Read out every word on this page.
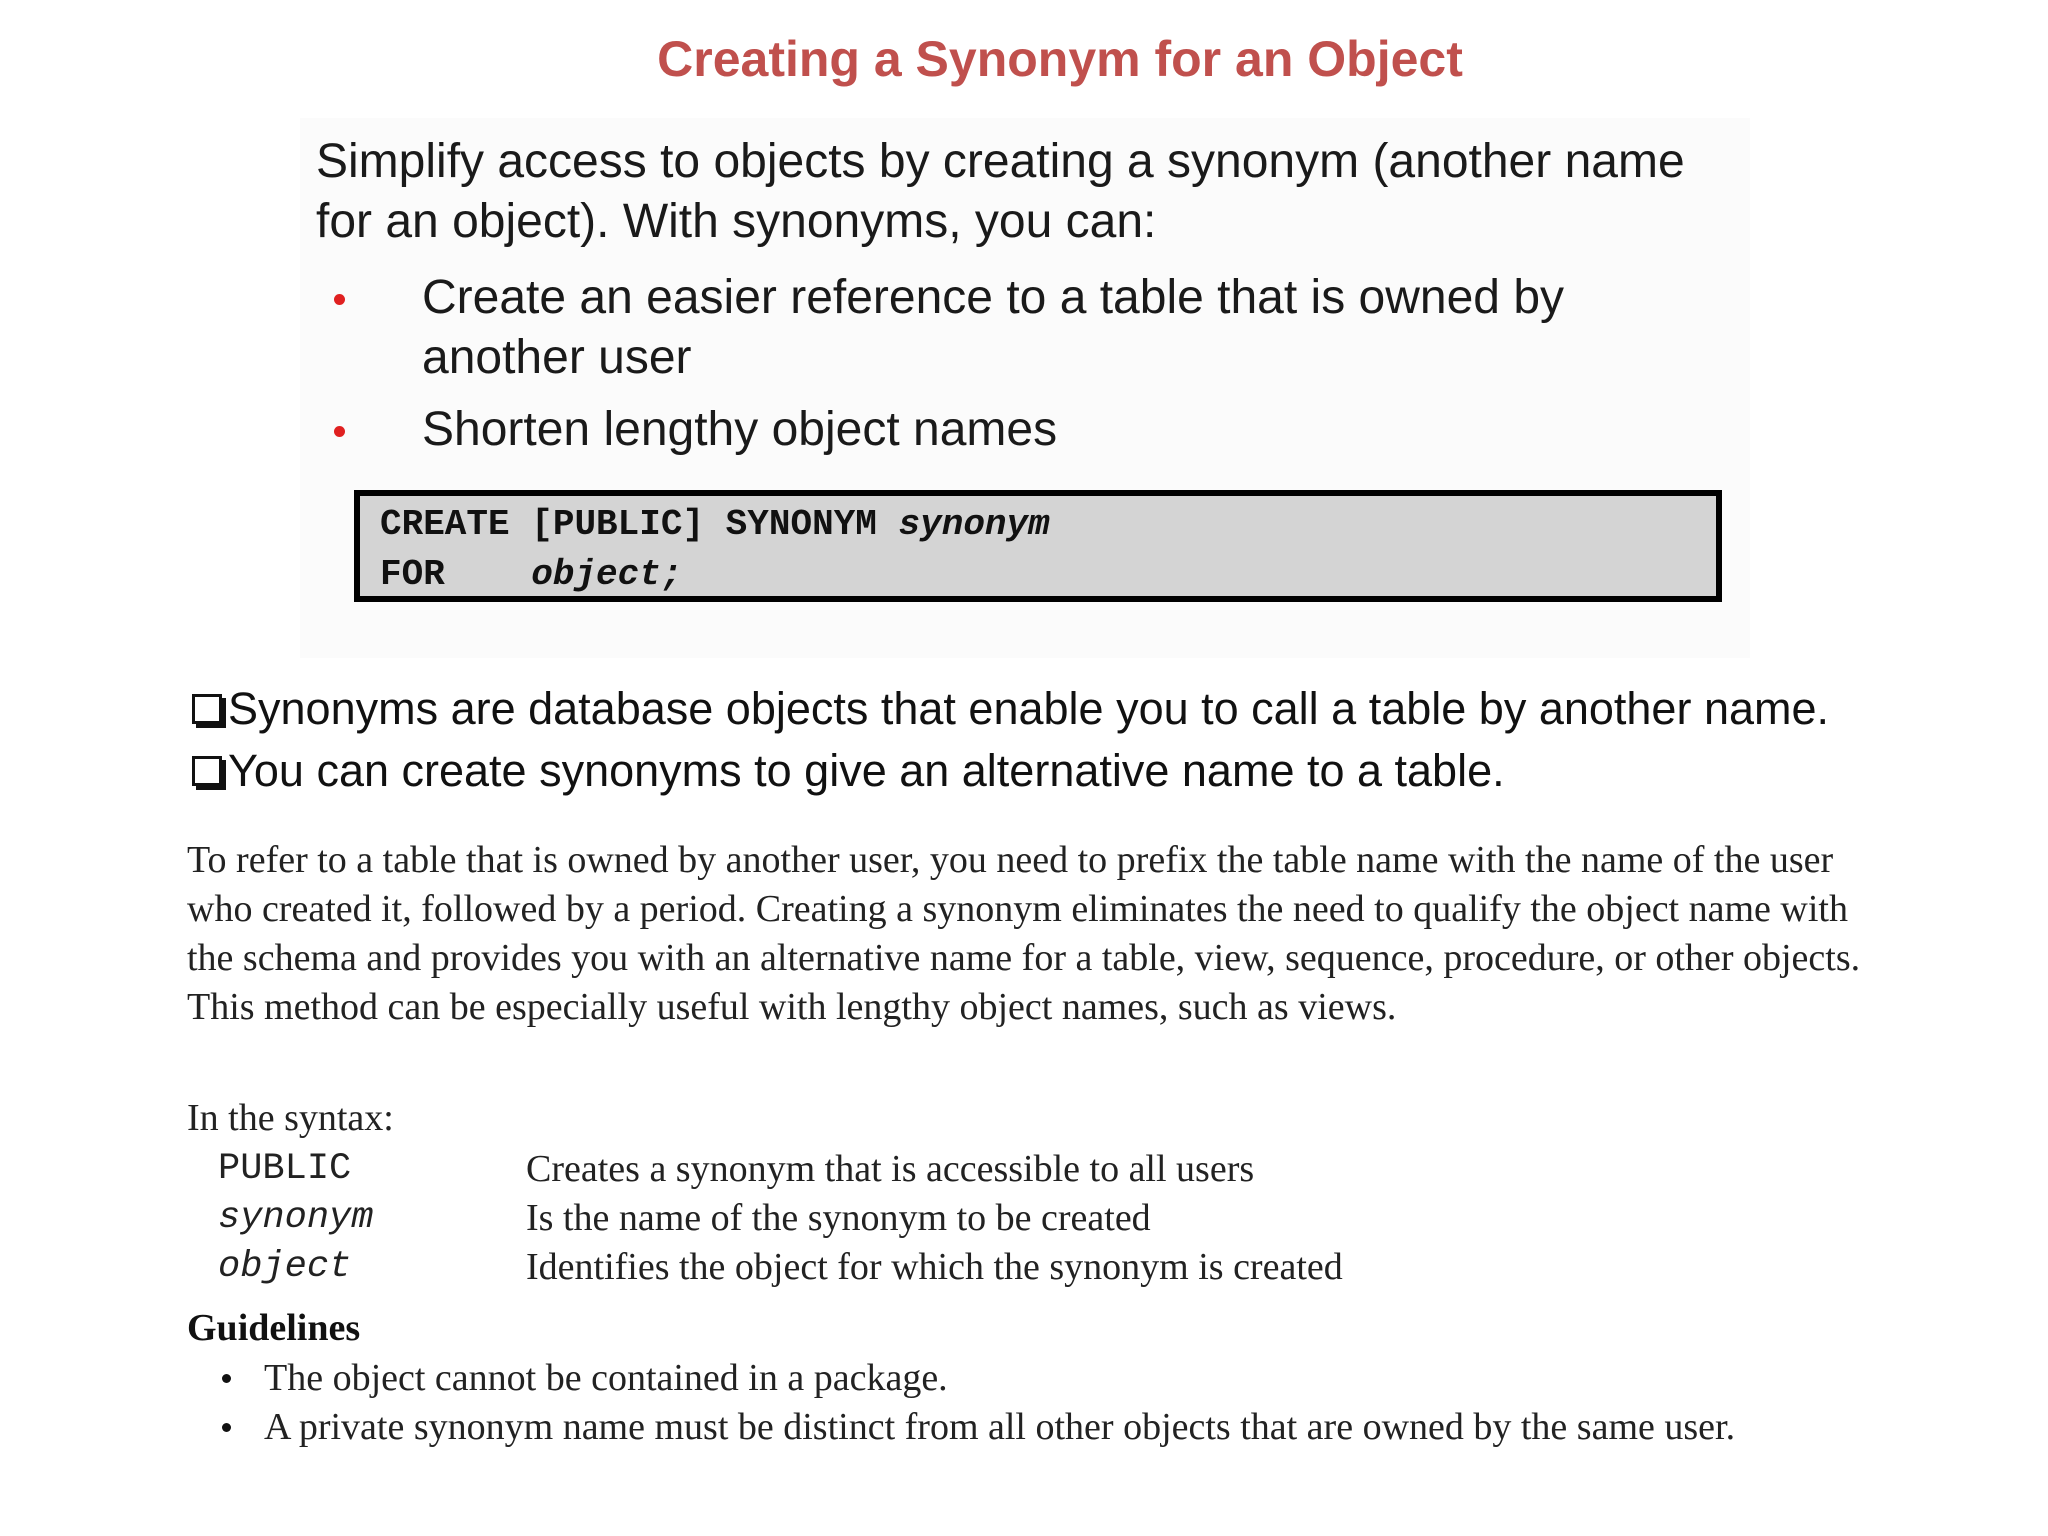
Creating a Synonym for an Object

Simplify access to objects by creating a synonym (another name for an object). With synonyms, you can:

Create an easier reference to a table that is owned by another user
Shorten lengthy object names
CREATE [PUBLIC] SYNONYM synonym
FOR object;
Synonyms are database objects that enable you to call a table by another name.
You can create synonyms to give an alternative name to a table.

To refer to a table that is owned by another user, you need to prefix the table name with the name of the user who created it, followed by a period. Creating a synonym eliminates the need to qualify the object name with the schema and provides you with an alternative name for a table, view, sequence, procedure, or other objects. This method can be especially useful with lengthy object names, such as views.

In the syntax:

PUBLIC	Creates a synonym that is accessible to all users
synonym	Is the name of the synonym to be created
object	Identifies the object for which the synonym is created
Guidelines
The object cannot be contained in a package.
A private synonym name must be distinct from all other objects that are owned by the same user.
